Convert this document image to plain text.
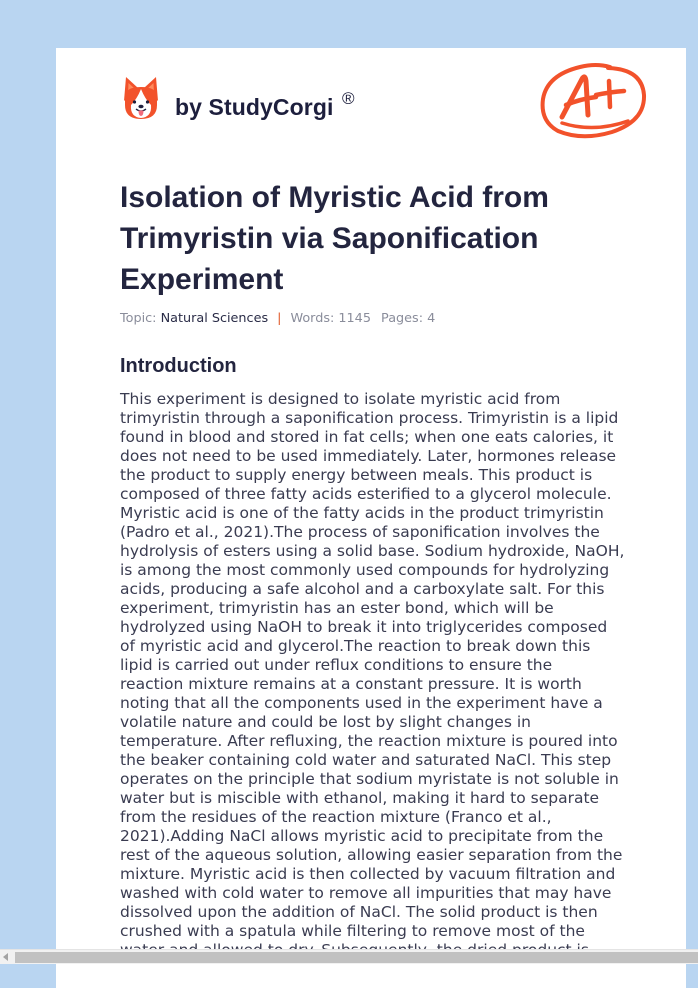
by StudyCorgi ®
Isolation of Myristic Acid from
Trimyristin via Saponification
Experiment
Topic: Natural Sciences | Words: 1145 Pages: 4
Introduction
This experiment is designed to isolate myristic acid from
trimyristin through a saponification process. Trimyristin is a lipid
found in blood and stored in fat cells; when one eats calories, it
does not need to be used immediately. Later, hormones release
the product to supply energy between meals. This product is
composed of three fatty acids esterified to a glycerol molecule.
Myristic acid is one of the fatty acids in the product trimyristin
(Padro et al., 2021).The process of saponification involves the
hydrolysis of esters using a solid base. Sodium hydroxide, NaOH,
is among the most commonly used compounds for hydrolyzing
acids, producing a safe alcohol and a carboxylate salt. For this
experiment, trimyristin has an ester bond, which will be
hydrolyzed using NaOH to break it into triglycerides composed
of myristic acid and glycerol.The reaction to break down this
lipid is carried out under reflux conditions to ensure the
reaction mixture remains at a constant pressure. It is worth
noting that all the components used in the experiment have a
volatile nature and could be lost by slight changes in
temperature. After refluxing, the reaction mixture is poured into
the beaker containing cold water and saturated NaCl. This step
operates on the principle that sodium myristate is not soluble in
water but is miscible with ethanol, making it hard to separate
from the residues of the reaction mixture (Franco et al.,
2021).Adding NaCl allows myristic acid to precipitate from the
rest of the aqueous solution, allowing easier separation from the
mixture. Myristic acid is then collected by vacuum filtration and
washed with cold water to remove all impurities that may have
dissolved upon the addition of NaCl. The solid product is then
crushed with a spatula while filtering to remove most of the
